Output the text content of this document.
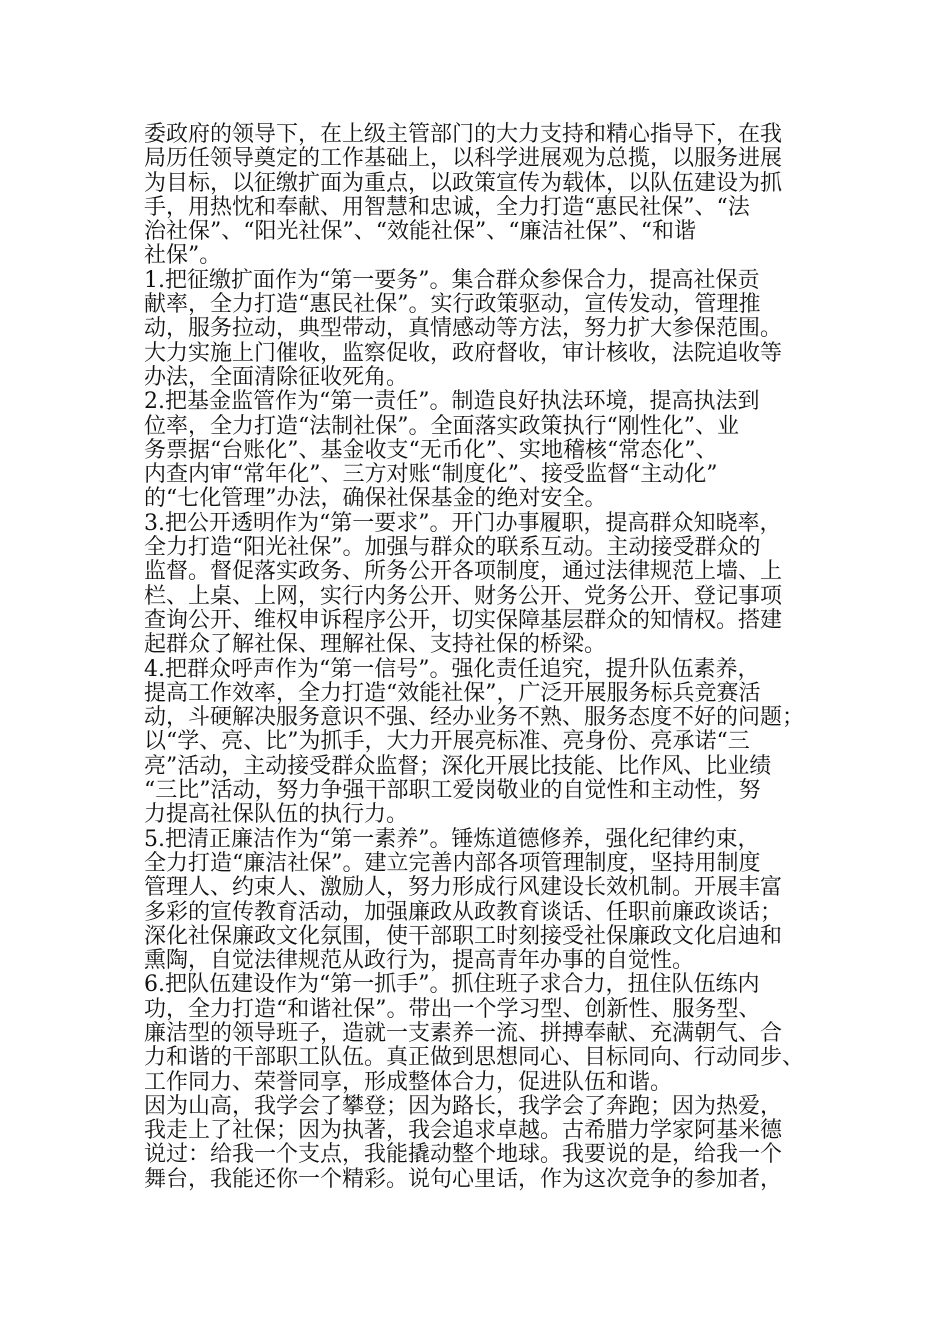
委政府的领导下，在上级主管部门的大力支持和精心指导下，在我
局历任领导奠定的工作基础上，以科学进展观为总揽，以服务进展
为目标，以征缴扩面为重点，以政策宣传为载体，以队伍建设为抓
手，用热忱和奉献、用智慧和忠诚，全力打造“惠民社保”、“法
治社保”、“阳光社保”、“效能社保”、“廉洁社保”、“和谐
社保”。
1.把征缴扩面作为“第一要务”。集合群众参保合力，提高社保贡
献率，全力打造“惠民社保”。实行政策驱动，宣传发动，管理推
动，服务拉动，典型带动，真情感动等方法，努力扩大参保范围。
大力实施上门催收，监察促收，政府督收，审计核收，法院追收等
办法，全面清除征收死角。
2.把基金监管作为“第一责任”。制造良好执法环境，提高执法到
位率，全力打造“法制社保”。全面落实政策执行“刚性化”、业
务票据“台账化”、基金收支“无币化”、实地稽核“常态化”、
内查内审“常年化”、三方对账“制度化”、接受监督“主动化”
的“七化管理”办法，确保社保基金的绝对安全。
3.把公开透明作为“第一要求”。开门办事履职，提高群众知晓率，
全力打造“阳光社保”。加强与群众的联系互动。主动接受群众的
监督。督促落实政务、所务公开各项制度，通过法律规范上墙、上
栏、上桌、上网，实行内务公开、财务公开、党务公开、登记事项
查询公开、维权申诉程序公开，切实保障基层群众的知情权。搭建
起群众了解社保、理解社保、支持社保的桥梁。
4.把群众呼声作为“第一信号”。强化责任追究，提升队伍素养，
提高工作效率，全力打造“效能社保”，广泛开展服务标兵竞赛活
动，斗硬解决服务意识不强、经办业务不熟、服务态度不好的问题；
以“学、亮、比”为抓手，大力开展亮标准、亮身份、亮承诺“三
亮”活动，主动接受群众监督；深化开展比技能、比作风、比业绩
“三比”活动，努力争强干部职工爱岗敬业的自觉性和主动性，努
力提高社保队伍的执行力。
5.把清正廉洁作为“第一素养”。锤炼道德修养，强化纪律约束，
全力打造“廉洁社保”。建立完善内部各项管理制度，坚持用制度
管理人、约束人、激励人，努力形成行风建设长效机制。开展丰富
多彩的宣传教育活动，加强廉政从政教育谈话、任职前廉政谈话；
深化社保廉政文化氛围，使干部职工时刻接受社保廉政文化启迪和
熏陶，自觉法律规范从政行为，提高青年办事的自觉性。
6.把队伍建设作为“第一抓手”。抓住班子求合力，扭住队伍练内
功，全力打造“和谐社保”。带出一个学习型、创新性、服务型、
廉洁型的领导班子，造就一支素养一流、拼搏奉献、充满朝气、合
力和谐的干部职工队伍。真正做到思想同心、目标同向、行动同步、
工作同力、荣誉同享，形成整体合力，促进队伍和谐。
因为山高，我学会了攀登；因为路长，我学会了奔跑；因为热爱，
我走上了社保；因为执著，我会追求卓越。古希腊力学家阿基米德
说过：给我一个支点，我能撬动整个地球。我要说的是，给我一个
舞台，我能还你一个精彩。说句心里话，作为这次竞争的参加者，
